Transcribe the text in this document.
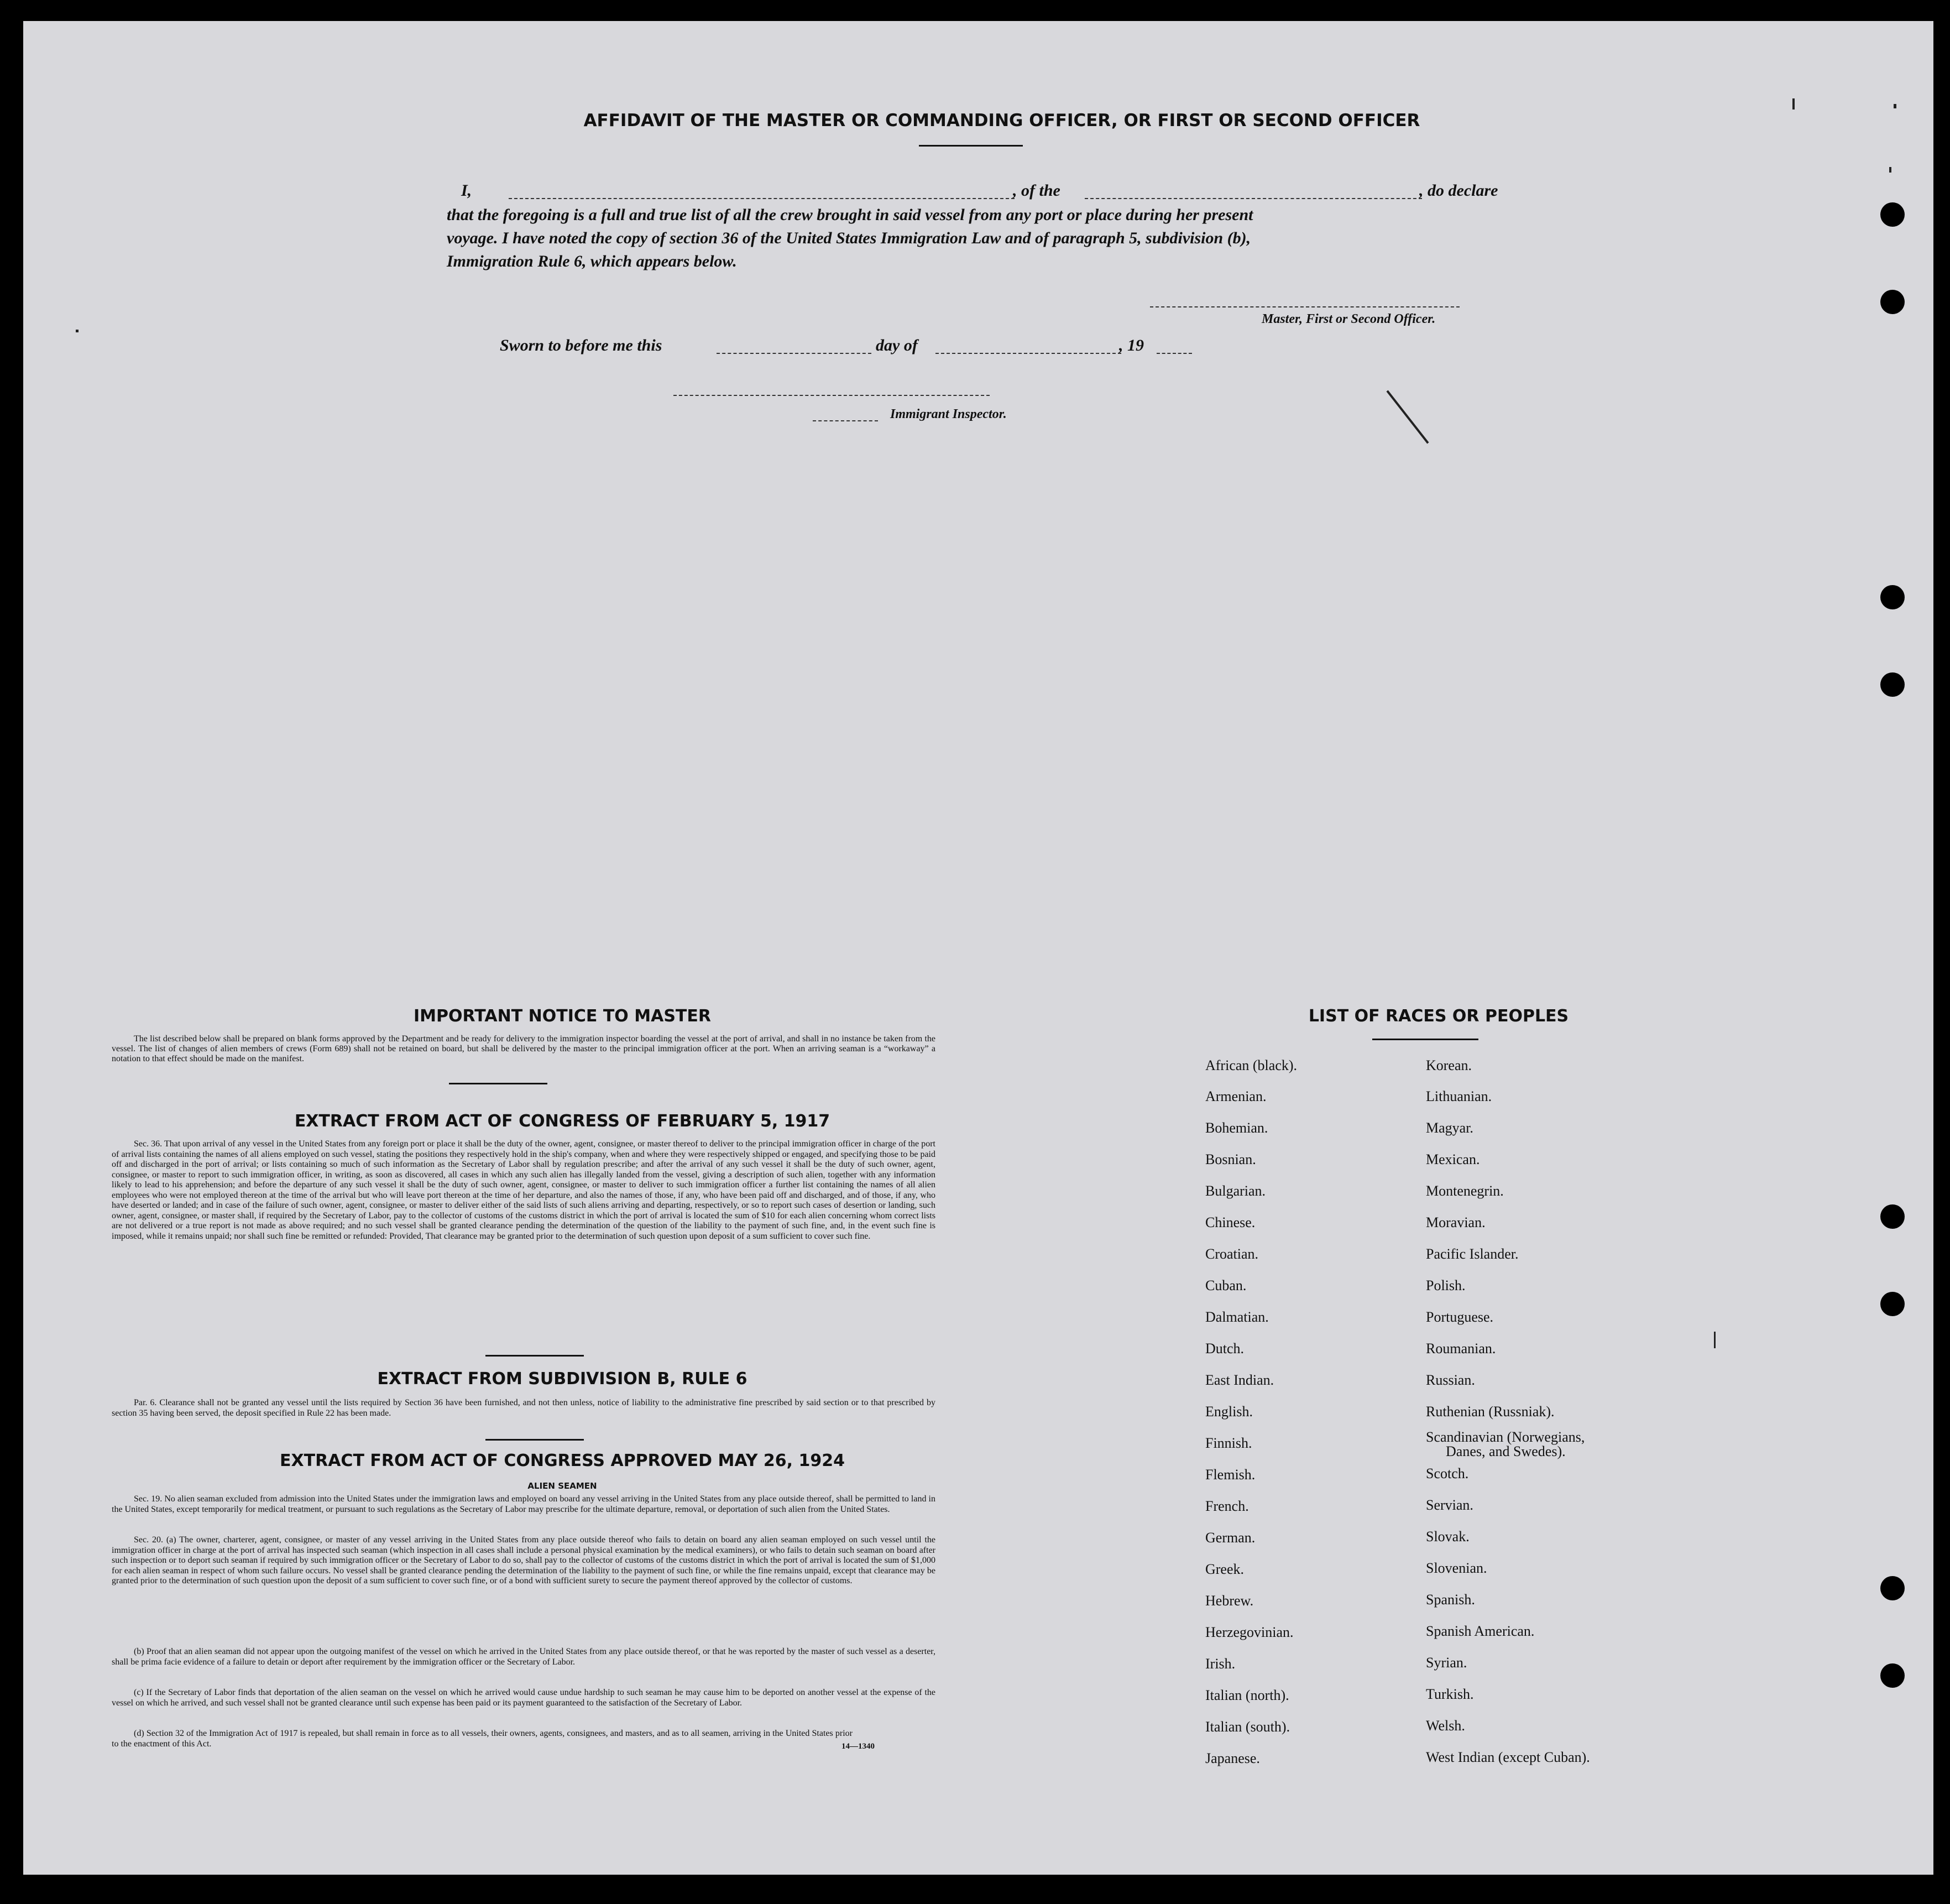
AFFIDAVIT OF THE MASTER OR COMMANDING OFFICER, OR FIRST OR SECOND OFFICER
I,	, of the	, do declare
that the foregoing is a full and true list of all the crew brought in said vessel from any port or place during her present
voyage. I have noted the copy of section 36 of the United States Immigration Law and of paragraph 5, subdivision (b),
Immigration Rule 6, which appears below.
Master, First or Second Officer.
Sworn to before me this	day of	, 19
Immigrant Inspector.
IMPORTANT NOTICE TO MASTER
The list described below shall be prepared on blank forms approved by the Department and be ready for delivery to the immigration inspector boarding the vessel at the port of arrival, and shall in no instance be taken from the vessel. The list of changes of alien members of crews (Form 689) shall not be retained on board, but shall be delivered by the master to the principal immigration officer at the port. When an arriving seaman is a “workaway” a notation to that effect should be made on the manifest.
EXTRACT FROM ACT OF CONGRESS OF FEBRUARY 5, 1917
Sec. 36. That upon arrival of any vessel in the United States from any foreign port or place it shall be the duty of the owner, agent, consignee, or master thereof to deliver to the principal immigration officer in charge of the port of arrival lists containing the names of all aliens employed on such vessel, stating the positions they respectively hold in the ship's company, when and where they were respectively shipped or engaged, and specifying those to be paid off and discharged in the port of arrival; or lists containing so much of such information as the Secretary of Labor shall by regulation prescribe; and after the arrival of any such vessel it shall be the duty of such owner, agent, consignee, or master to report to such immigration officer, in writing, as soon as discovered, all cases in which any such alien has illegally landed from the vessel, giving a description of such alien, together with any information likely to lead to his apprehension; and before the departure of any such vessel it shall be the duty of such owner, agent, consignee, or master to deliver to such immigration officer a further list containing the names of all alien employees who were not employed thereon at the time of the arrival but who will leave port thereon at the time of her departure, and also the names of those, if any, who have been paid off and discharged, and of those, if any, who have deserted or landed; and in case of the failure of such owner, agent, consignee, or master to deliver either of the said lists of such aliens arriving and departing, respectively, or so to report such cases of desertion or landing, such owner, agent, consignee, or master shall, if required by the Secretary of Labor, pay to the collector of customs of the customs district in which the port of arrival is located the sum of $10 for each alien concerning whom correct lists are not delivered or a true report is not made as above required; and no such vessel shall be granted clearance pending the determination of the question of the liability to the payment of such fine, and, in the event such fine is imposed, while it remains unpaid; nor shall such fine be remitted or refunded: Provided, That clearance may be granted prior to the determination of such question upon deposit of a sum sufficient to cover such fine.
EXTRACT FROM SUBDIVISION B, RULE 6
Par. 6. Clearance shall not be granted any vessel until the lists required by Section 36 have been furnished, and not then unless, notice of liability to the administrative fine prescribed by said section or to that prescribed by section 35 having been served, the deposit specified in Rule 22 has been made.
EXTRACT FROM ACT OF CONGRESS APPROVED MAY 26, 1924
ALIEN SEAMEN
Sec. 19. No alien seaman excluded from admission into the United States under the immigration laws and employed on board any vessel arriving in the United States from any place outside thereof, shall be permitted to land in the United States, except temporarily for medical treatment, or pursuant to such regulations as the Secretary of Labor may prescribe for the ultimate departure, removal, or deportation of such alien from the United States.
Sec. 20. (a) The owner, charterer, agent, consignee, or master of any vessel arriving in the United States from any place outside thereof who fails to detain on board any alien seaman employed on such vessel until the immigration officer in charge at the port of arrival has inspected such seaman (which inspection in all cases shall include a personal physical examination by the medical examiners), or who fails to detain such seaman on board after such inspection or to deport such seaman if required by such immigration officer or the Secretary of Labor to do so, shall pay to the collector of customs of the customs district in which the port of arrival is located the sum of $1,000 for each alien seaman in respect of whom such failure occurs. No vessel shall be granted clearance pending the determination of the liability to the payment of such fine, or while the fine remains unpaid, except that clearance may be granted prior to the determination of such question upon the deposit of a sum sufficient to cover such fine, or of a bond with sufficient surety to secure the payment thereof approved by the collector of customs.
(b) Proof that an alien seaman did not appear upon the outgoing manifest of the vessel on which he arrived in the United States from any place outside thereof, or that he was reported by the master of such vessel as a deserter, shall be prima facie evidence of a failure to detain or deport after requirement by the immigration officer or the Secretary of Labor.
(c) If the Secretary of Labor finds that deportation of the alien seaman on the vessel on which he arrived would cause undue hardship to such seaman he may cause him to be deported on another vessel at the expense of the vessel on which he arrived, and such vessel shall not be granted clearance until such expense has been paid or its payment guaranteed to the satisfaction of the Secretary of Labor.
(d) Section 32 of the Immigration Act of 1917 is repealed, but shall remain in force as to all vessels, their owners, agents, consignees, and masters, and as to all seamen, arriving in the United States prior to the enactment of this Act.	14—1340
LIST OF RACES OR PEOPLES
African (black).
Armenian.
Bohemian.
Bosnian.
Bulgarian.
Chinese.
Croatian.
Cuban.
Dalmatian.
Dutch.
East Indian.
English.
Finnish.
Flemish.
French.
German.
Greek.
Hebrew.
Herzegovinian.
Irish.
Italian (north).
Italian (south).
Japanese.
Korean.
Lithuanian.
Magyar.
Mexican.
Montenegrin.
Moravian.
Pacific Islander.
Polish.
Portuguese.
Roumanian.
Russian.
Ruthenian (Russniak).
Scandinavian (Norwegians,
Danes, and Swedes).
Scotch.
Servian.
Slovak.
Slovenian.
Spanish.
Spanish American.
Syrian.
Turkish.
Welsh.
West Indian (except Cuban).
